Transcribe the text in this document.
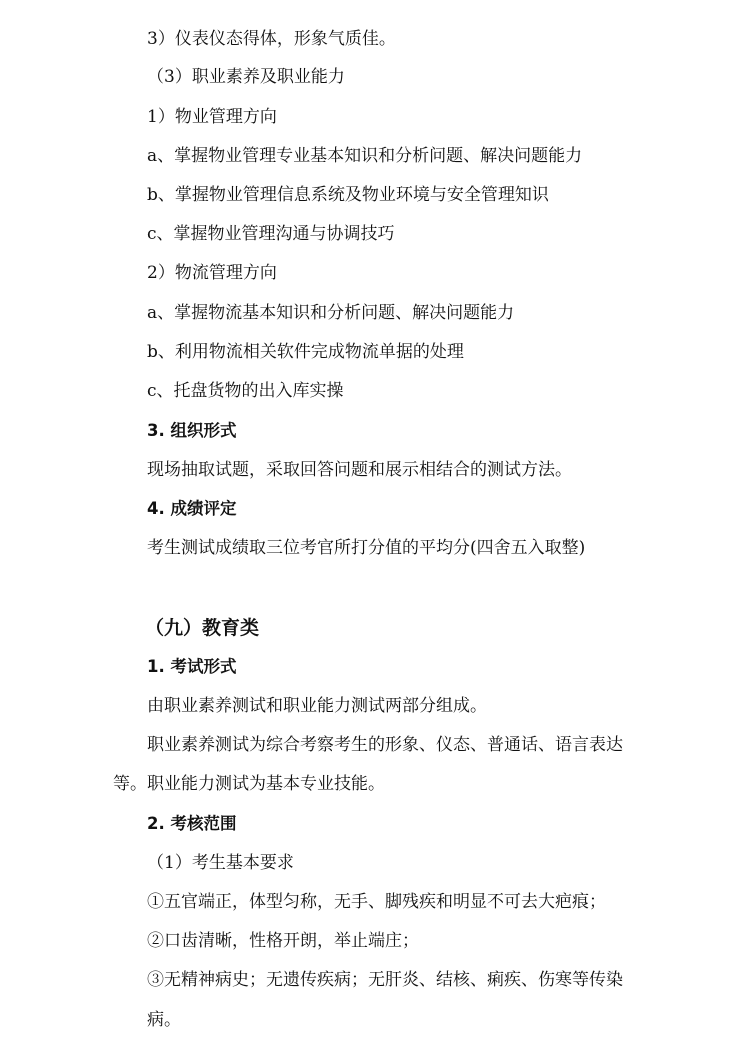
3）仪表仪态得体，形象气质佳。
（3）职业素养及职业能力
1）物业管理方向
a、掌握物业管理专业基本知识和分析问题、解决问题能力
b、掌握物业管理信息系统及物业环境与安全管理知识
c、掌握物业管理沟通与协调技巧
2）物流管理方向
a、掌握物流基本知识和分析问题、解决问题能力
b、利用物流相关软件完成物流单据的处理
c、托盘货物的出入库实操
3. 组织形式
现场抽取试题，采取回答问题和展示相结合的测试方法。
4. 成绩评定
考生测试成绩取三位考官所打分值的平均分(四舍五入取整)
（九）教育类
1. 考试形式
由职业素养测试和职业能力测试两部分组成。
职业素养测试为综合考察考生的形象、仪态、普通话、语言表达
等。职业能力测试为基本专业技能。
2. 考核范围
（1）考生基本要求
①五官端正，体型匀称，无手、脚残疾和明显不可去大疤痕；
②口齿清晰，性格开朗，举止端庄；
③无精神病史；无遗传疾病；无肝炎、结核、痢疾、伤寒等传染
病。
